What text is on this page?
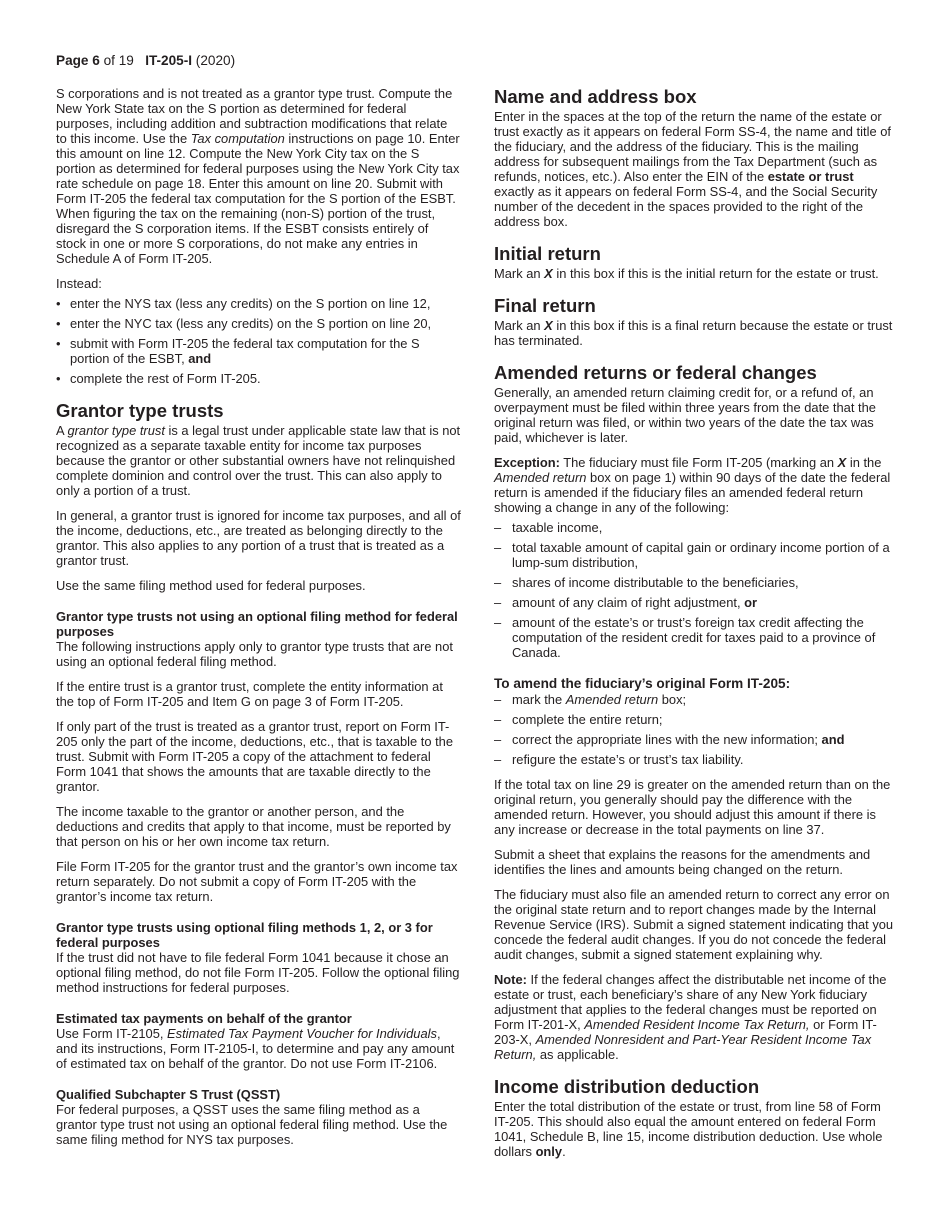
Page 6 of 19 IT-205-I (2020)

S corporations and is not treated as a grantor type trust. Compute the New York State tax on the S portion as determined for federal purposes, including addition and subtraction modifications that relate to this income. Use the Tax computation instructions on page 10. Enter this amount on line 12. Compute the New York City tax on the S portion as determined for federal purposes using the New York City tax rate schedule on page 18. Enter this amount on line 20. Submit with Form IT-205 the federal tax computation for the S portion of the ESBT. When figuring the tax on the remaining (non-S) portion of the trust, disregard the S corporation items. If the ESBT consists entirely of stock in one or more S corporations, do not make any entries in Schedule A of Form IT-205.

Instead:

• enter the NYS tax (less any credits) on the S portion on line 12,
• enter the NYC tax (less any credits) on the S portion on line 20,
• submit with Form IT-205 the federal tax computation for the S portion of the ESBT, and
• complete the rest of Form IT-205.
Grantor type trusts

A grantor type trust is a legal trust under applicable state law that is not recognized as a separate taxable entity for income tax purposes because the grantor or other substantial owners have not relinquished complete dominion and control over the trust. This can also apply to only a portion of a trust.

In general, a grantor trust is ignored for income tax purposes, and all of the income, deductions, etc., are treated as belonging directly to the grantor. This also applies to any portion of a trust that is treated as a grantor trust.

Use the same filing method used for federal purposes.

Grantor type trusts not using an optional filing method for federal purposes

The following instructions apply only to grantor type trusts that are not using an optional federal filing method.

If the entire trust is a grantor trust, complete the entity information at the top of Form IT-205 and Item G on page 3 of Form IT-205.

If only part of the trust is treated as a grantor trust, report on Form IT-205 only the part of the income, deductions, etc., that is taxable to the trust. Submit with Form IT-205 a copy of the attachment to federal Form 1041 that shows the amounts that are taxable directly to the grantor.

The income taxable to the grantor or another person, and the deductions and credits that apply to that income, must be reported by that person on his or her own income tax return.

File Form IT-205 for the grantor trust and the grantor’s own income tax return separately. Do not submit a copy of Form IT-205 with the grantor’s income tax return.

Grantor type trusts using optional filing methods 1, 2, or 3 for federal purposes

If the trust did not have to file federal Form 1041 because it chose an optional filing method, do not file Form IT-205. Follow the optional filing method instructions for federal purposes.

Estimated tax payments on behalf of the grantor

Use Form IT-2105, Estimated Tax Payment Voucher for Individuals, and its instructions, Form IT-2105-I, to determine and pay any amount of estimated tax on behalf of the grantor. Do not use Form IT-2106.

Qualified Subchapter S Trust (QSST)

For federal purposes, a QSST uses the same filing method as a grantor type trust not using an optional federal filing method. Use the same filing method for NYS tax purposes.

Name and address box

Enter in the spaces at the top of the return the name of the estate or trust exactly as it appears on federal Form SS-4, the name and title of the fiduciary, and the address of the fiduciary. This is the mailing address for subsequent mailings from the Tax Department (such as refunds, notices, etc.). Also enter the EIN of the estate or trust exactly as it appears on federal Form SS-4, and the Social Security number of the decedent in the spaces provided to the right of the address box.

Initial return

Mark an X in this box if this is the initial return for the estate or trust.

Final return

Mark an X in this box if this is a final return because the estate or trust has terminated.

Amended returns or federal changes

Generally, an amended return claiming credit for, or a refund of, an overpayment must be filed within three years from the date that the original return was filed, or within two years of the date the tax was paid, whichever is later.

Exception: The fiduciary must file Form IT-205 (marking an X in the Amended return box on page 1) within 90 days of the date the federal return is amended if the fiduciary files an amended federal return showing a change in any of the following:

– taxable income,
– total taxable amount of capital gain or ordinary income portion of a lump-sum distribution,
– shares of income distributable to the beneficiaries,
– amount of any claim of right adjustment, or
– amount of the estate’s or trust’s foreign tax credit affecting the computation of the resident credit for taxes paid to a province of Canada.
To amend the fiduciary’s original Form IT-205:
– mark the Amended return box;
– complete the entire return;
– correct the appropriate lines with the new information; and
– refigure the estate’s or trust’s tax liability.

If the total tax on line 29 is greater on the amended return than on the original return, you generally should pay the difference with the amended return. However, you should adjust this amount if there is any increase or decrease in the total payments on line 37.

Submit a sheet that explains the reasons for the amendments and identifies the lines and amounts being changed on the return.

The fiduciary must also file an amended return to correct any error on the original state return and to report changes made by the Internal Revenue Service (IRS). Submit a signed statement indicating that you concede the federal audit changes. If you do not concede the federal audit changes, submit a signed statement explaining why.

Note: If the federal changes affect the distributable net income of the estate or trust, each beneficiary’s share of any New York fiduciary adjustment that applies to the federal changes must be reported on Form IT-201-X, Amended Resident Income Tax Return, or Form IT-203-X, Amended Nonresident and Part-Year Resident Income Tax Return, as applicable.

Income distribution deduction

Enter the total distribution of the estate or trust, from line 58 of Form IT-205. This should also equal the amount entered on federal Form 1041, Schedule B, line 15, income distribution deduction. Use whole dollars only.
